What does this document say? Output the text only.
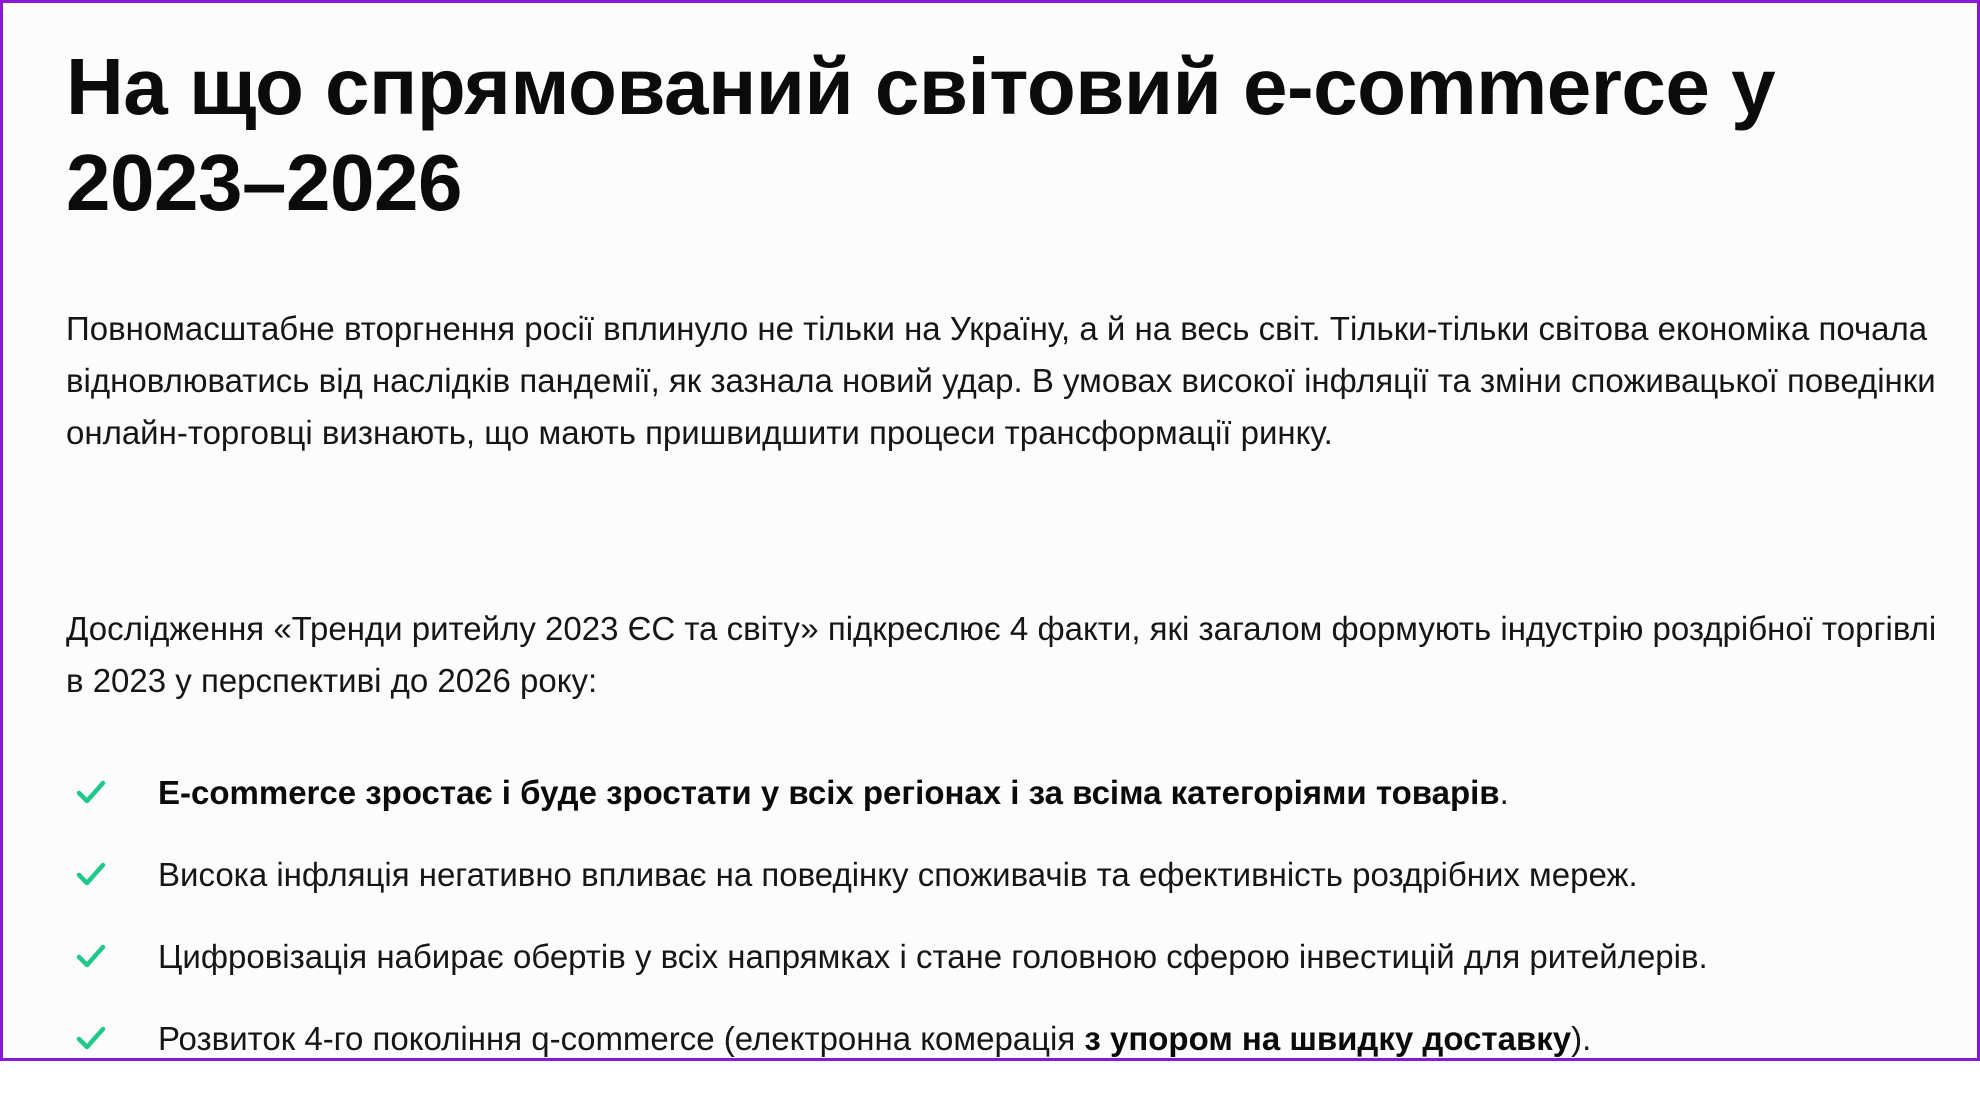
На що спрямований світовий e-commerce у 2023–2026

Повномасштабне вторгнення росії вплинуло не тільки на Україну, а й на весь світ. Тільки-тільки світова економіка почала відновлюватись від наслідків пандемії, як зазнала новий удар. В умовах високої інфляції та зміни споживацької поведінки онлайн-торговці визнають, що мають пришвидшити процеси трансформації ринку.

Дослідження «Тренди ритейлу 2023 ЄС та світу» підкреслює 4 факти, які загалом формують індустрію роздрібної торгівлі в 2023 у перспективі до 2026 року:

E-commerce зростає і буде зростати у всіх регіонах і за всіма категоріями товарів.
Висока інфляція негативно впливає на поведінку споживачів та ефективність роздрібних мереж.
Цифровізація набирає обертів у всіх напрямках і стане головною сферою інвестицій для ритейлерів.
Розвиток 4-го покоління q-commerce (електронна комерація з упором на швидку доставку).
